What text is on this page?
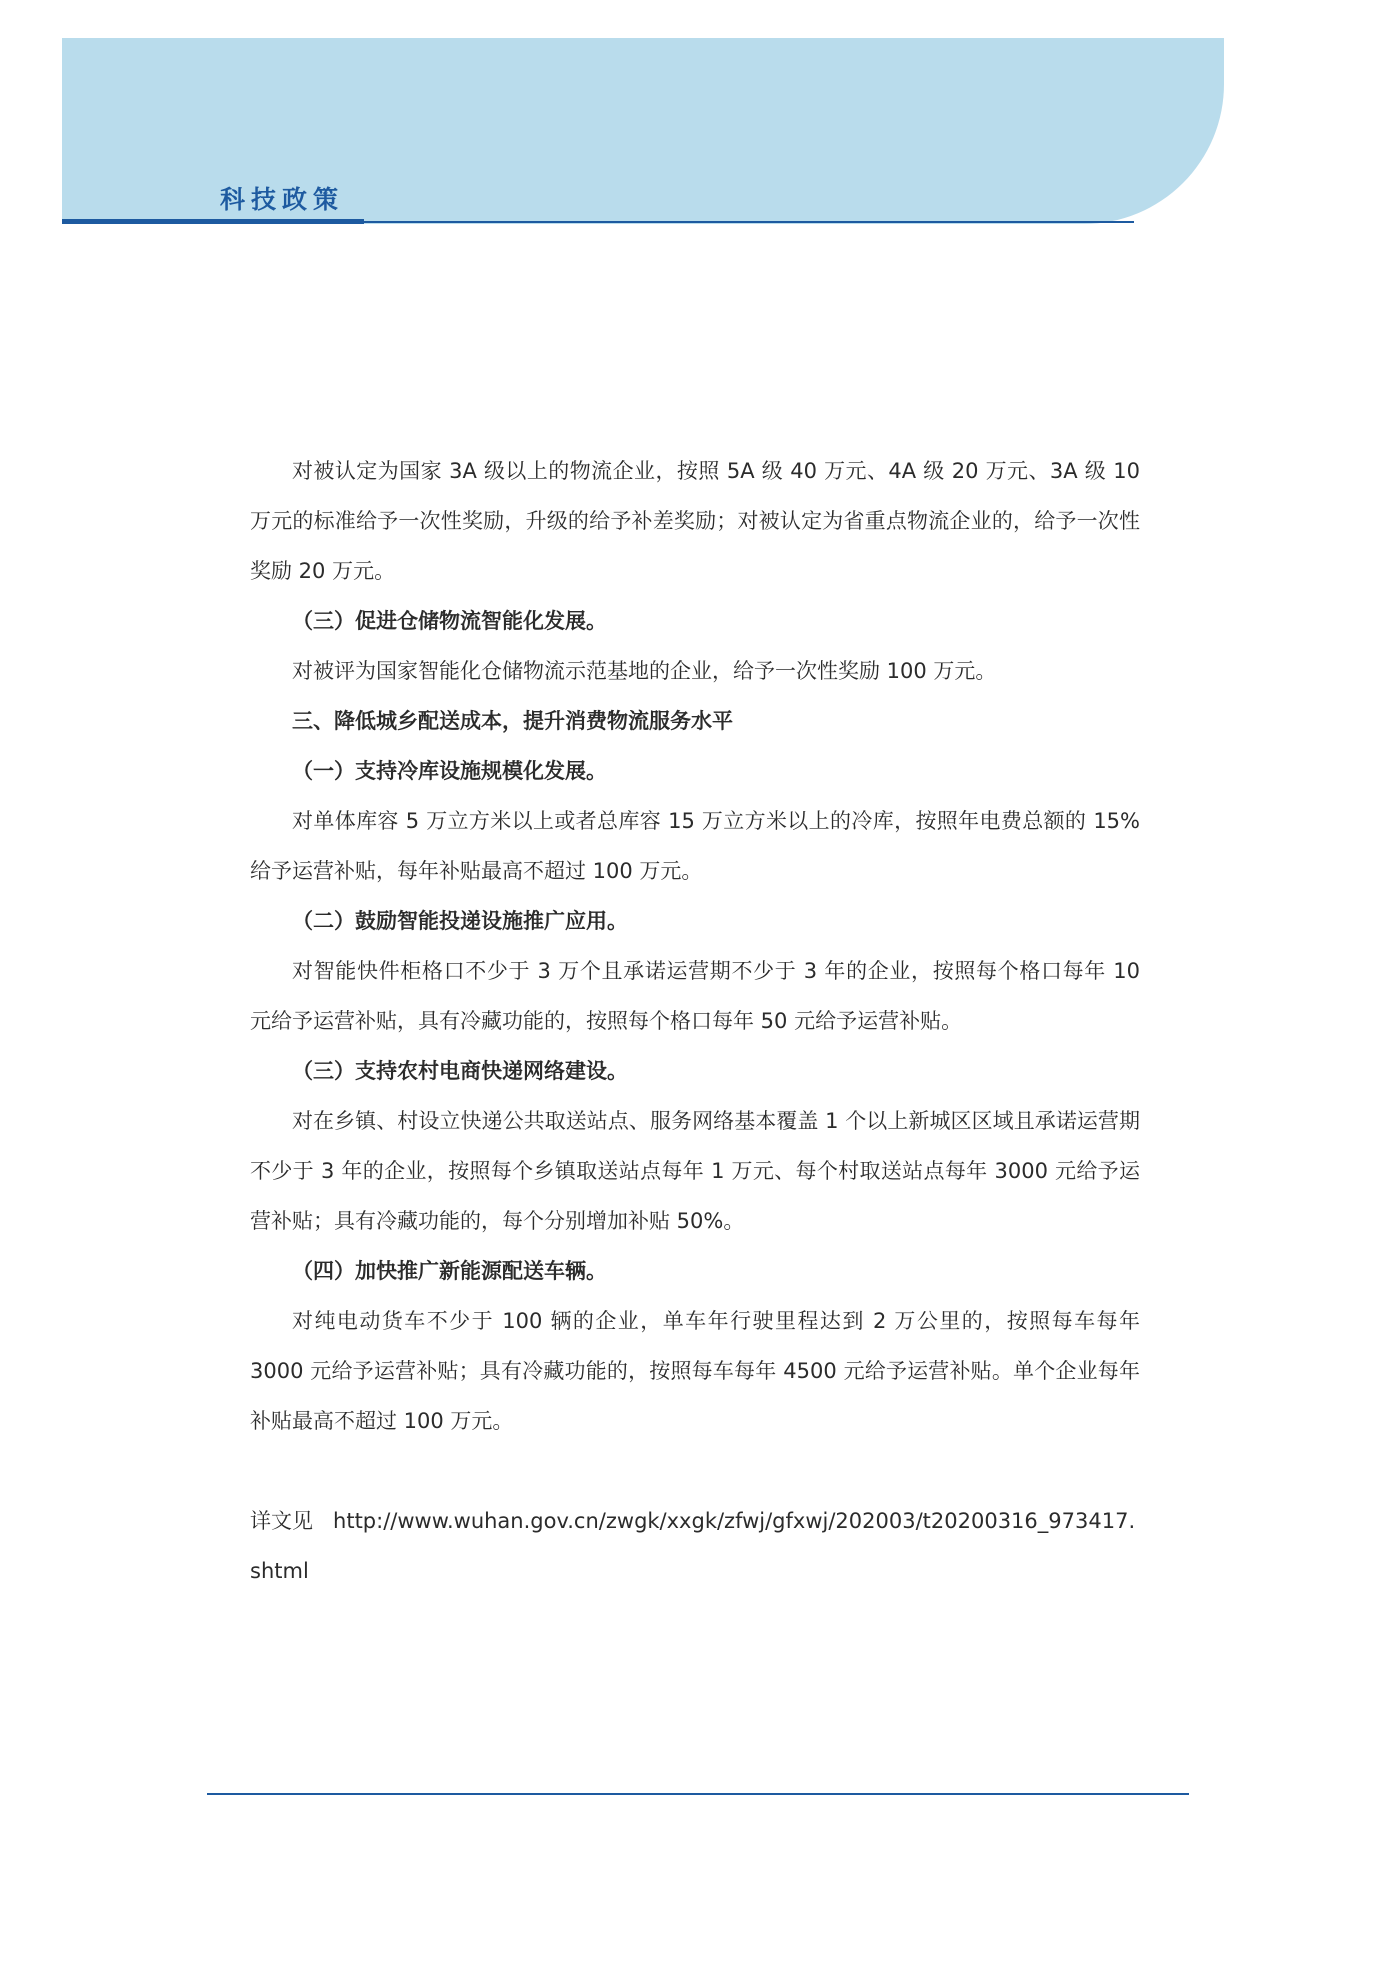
科技政策

对被认定为国家 3A 级以上的物流企业，按照 5A 级 40 万元、4A 级 20 万元、3A 级 10 万元的标准给予一次性奖励，升级的给予补差奖励；对被认定为省重点物流企业的，给予一次性奖励 20 万元。

（三）促进仓储物流智能化发展。

对被评为国家智能化仓储物流示范基地的企业，给予一次性奖励 100 万元。

三、降低城乡配送成本，提升消费物流服务水平

（一）支持冷库设施规模化发展。

对单体库容 5 万立方米以上或者总库容 15 万立方米以上的冷库，按照年电费总额的 15% 给予运营补贴，每年补贴最高不超过 100 万元。

（二）鼓励智能投递设施推广应用。

对智能快件柜格口不少于 3 万个且承诺运营期不少于 3 年的企业，按照每个格口每年 10 元给予运营补贴，具有冷藏功能的，按照每个格口每年 50 元给予运营补贴。

（三）支持农村电商快递网络建设。

对在乡镇、村设立快递公共取送站点、服务网络基本覆盖 1 个以上新城区区域且承诺运营期不少于 3 年的企业，按照每个乡镇取送站点每年 1 万元、每个村取送站点每年 3000 元给予运营补贴；具有冷藏功能的，每个分别增加补贴 50%。

（四）加快推广新能源配送车辆。

对纯电动货车不少于 100 辆的企业，单车年行驶里程达到 2 万公里的，按照每车每年 3000 元给予运营补贴；具有冷藏功能的，按照每车每年 4500 元给予运营补贴。单个企业每年补贴最高不超过 100 万元。

详文见 http://www.wuhan.gov.cn/zwgk/xxgk/zfwj/gfxwj/202003/t20200316_973417.shtml
